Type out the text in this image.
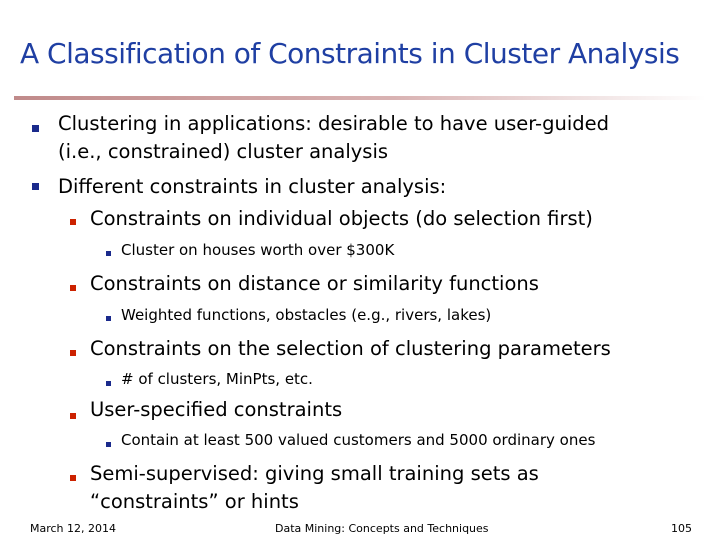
A Classification of Constraints in Cluster Analysis
Clustering in applications: desirable to have user-guided
(i.e., constrained) cluster analysis
Different constraints in cluster analysis:
Constraints on individual objects (do selection first)
Cluster on houses worth over $300K
Constraints on distance or similarity functions
Weighted functions, obstacles (e.g., rivers, lakes)
Constraints on the selection of clustering parameters
# of clusters, MinPts, etc.
User-specified constraints
Contain at least 500 valued customers and 5000 ordinary ones
Semi-supervised: giving small training sets as
“constraints” or hints
March 12, 2014	Data Mining: Concepts and Techniques	105
